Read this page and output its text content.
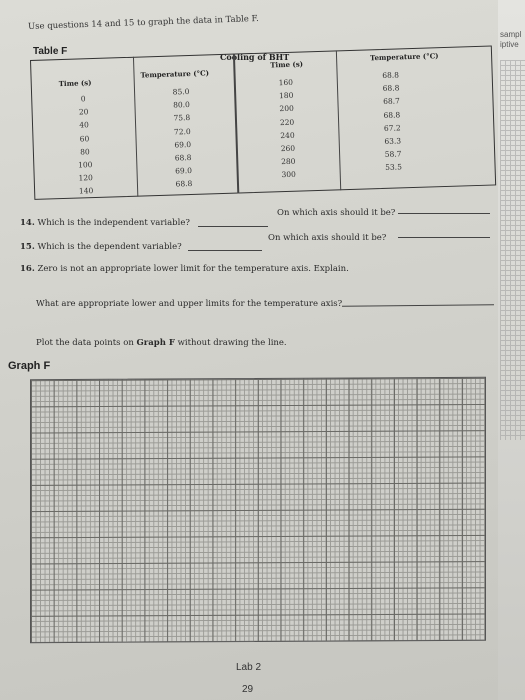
sampl
iptive
Use questions 14 and 15 to graph the data in Table F.
Table F	Cooling of BHT
Time (s)
Temperature (°C)
Time (s)
Temperature (°C)
0
20
40
60
80
100
120
140
85.0
80.0
75.8
72.0
69.0
68.8
69.0
68.8
160
180
200
220
240
260
280
300
68.8
68.8
68.7
68.8
67.2
63.3
58.7
53.5
14. Which is the independent variable?
On which axis should it be?
15. Which is the dependent variable?
On which axis should it be?
16. Zero is not an appropriate lower limit for the temperature axis. Explain.
What are appropriate lower and upper limits for the temperature axis?
Plot the data points on Graph F without drawing the line.
Graph F
Lab 2
29
